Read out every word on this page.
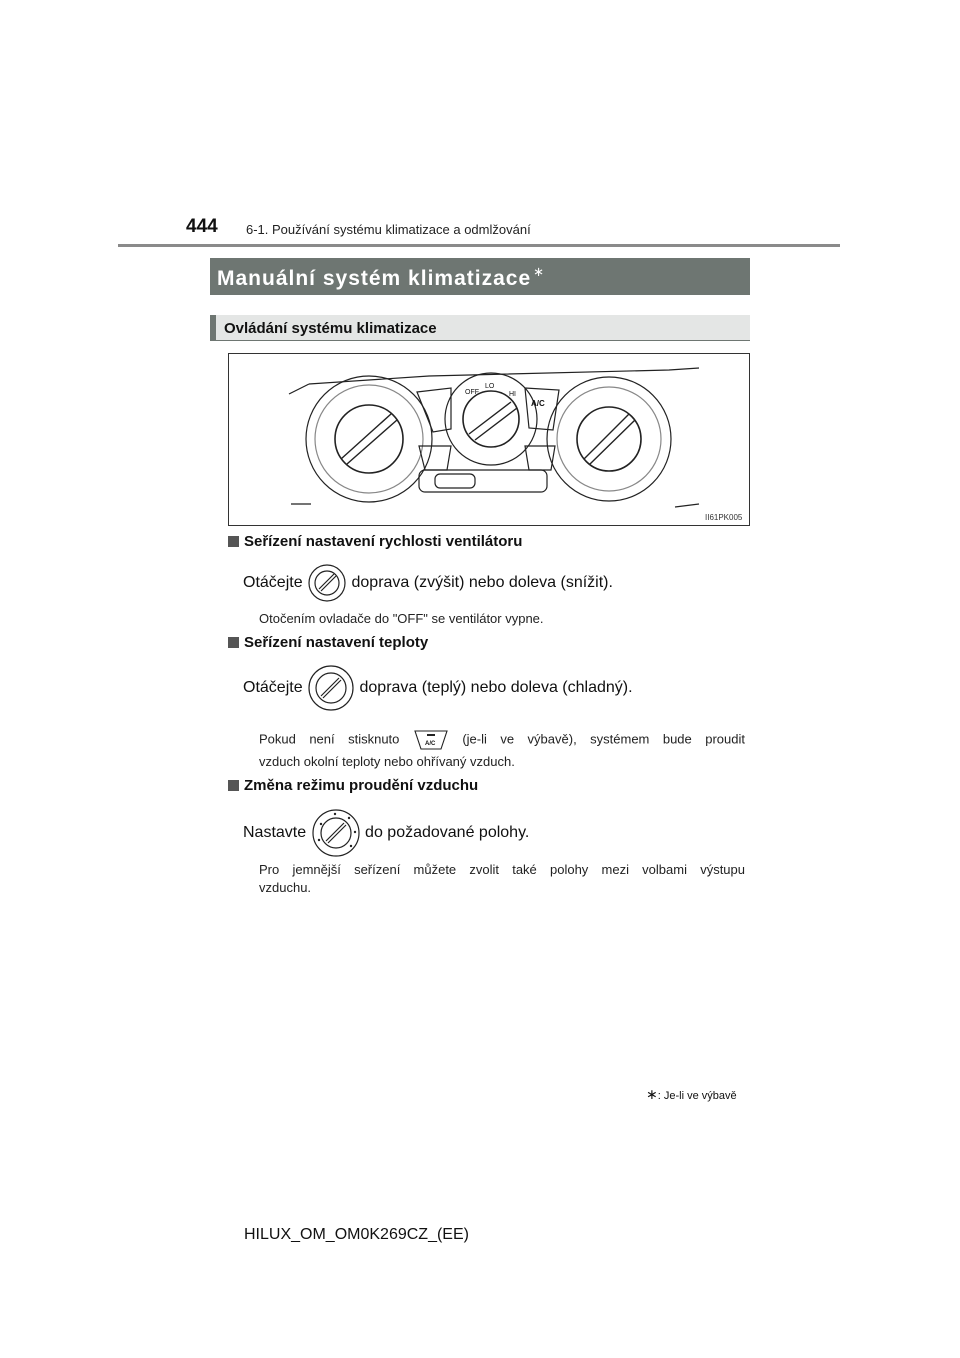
444 6-1. Používání systému klimatizace a odmlžování
Manuální systém klimatizace ∗
Ovládání systému klimatizace
OFF
LO
HI
A/C
II61PK005
Seřízení nastavení rychlosti ventilátoru
Otáčejte	doprava (zvýšit) nebo doleva (snížit).
Otočením ovladače do "OFF" se ventilátor vypne.
Seřízení nastavení teploty
Otáčejte	doprava (teplý) nebo doleva (chladný).
Pokud není stisknuto	A/C (je-li ve výbavě), systémem bude proudit
vzduch okolní teploty nebo ohřívaný vzduch.
Změna režimu proudění vzduchu
Nastavte	do požadované polohy.
Pro jemnější seřízení můžete zvolit také polohy mezi volbami výstupu
vzduchu.
∗: Je-li ve výbavě
HILUX_OM_OM0K269CZ_(EE)
